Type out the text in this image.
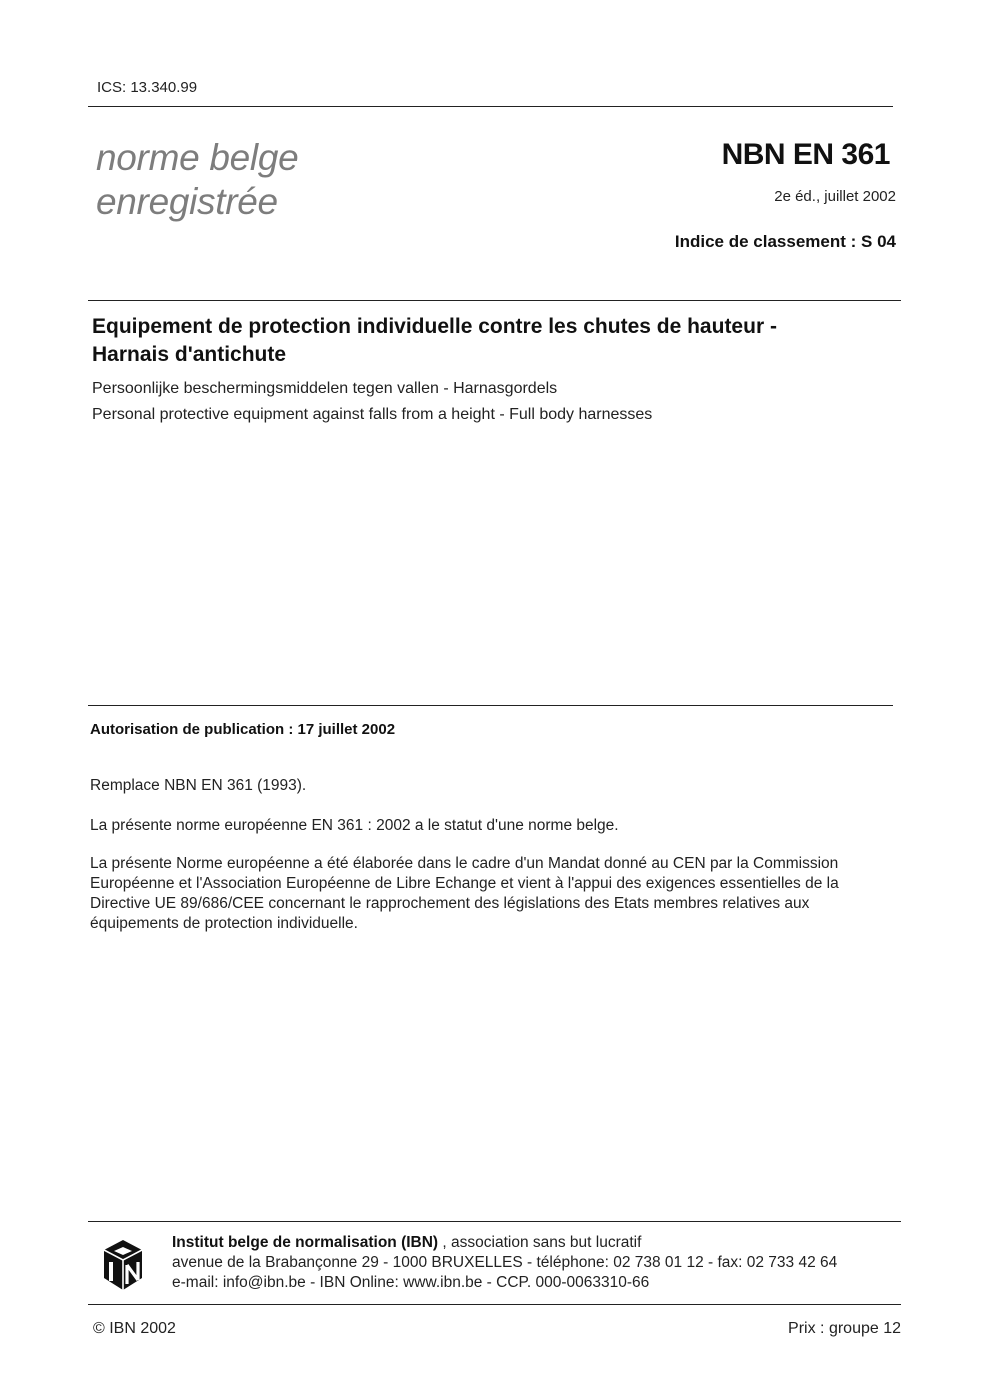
ICS: 13.340.99
norme belge
enregistrée
NBN EN 361
2e éd., juillet 2002
Indice de classement : S 04
Equipement de protection individuelle contre les chutes de hauteur -
Harnais d'antichute
Persoonlijke beschermingsmiddelen tegen vallen - Harnasgordels
Personal protective equipment against falls from a height - Full body harnesses
Autorisation de publication : 17 juillet 2002
Remplace NBN EN 361 (1993).
La présente norme européenne EN 361 : 2002 a le statut d'une norme belge.
La présente Norme européenne a été élaborée dans le cadre d'un Mandat donné au CEN par la Commission
Européenne et l'Association Européenne de Libre Echange et vient à l'appui des exigences essentielles de la
Directive UE 89/686/CEE concernant le rapprochement des législations des Etats membres relatives aux
équipements de protection individuelle.
Institut belge de normalisation (IBN) , association sans but lucratif
avenue de la Brabançonne 29 - 1000 BRUXELLES - téléphone: 02 738 01 12 - fax: 02 733 42 64
e-mail: info@ibn.be - IBN Online: www.ibn.be - CCP. 000-0063310-66
© IBN 2002	Prix : groupe 12
